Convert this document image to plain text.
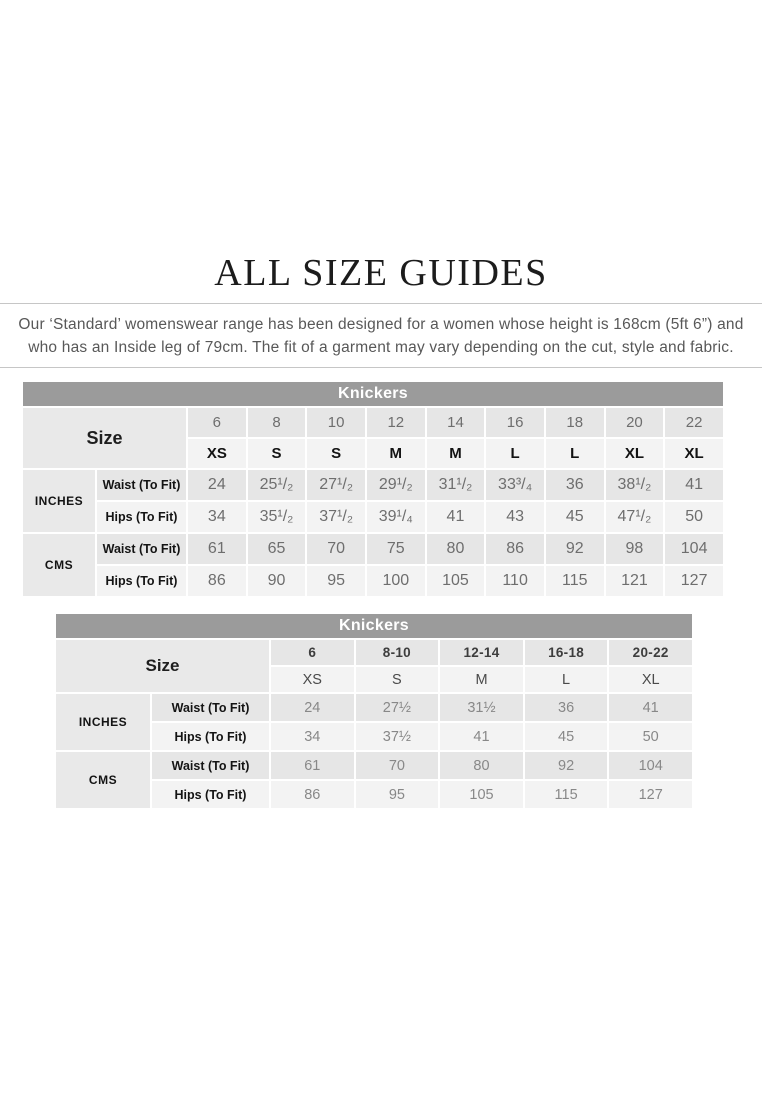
ALL SIZE GUIDES
Our ‘Standard’ womenswear range has been designed for a women whose height is 168cm (5ft 6”) and
who has an Inside leg of 79cm. The fit of a garment may vary depending on the cut, style and fabric.
Knickers										
Size		6	8	10	12	14	16	18	20	22
		XS	S	S	M	M	L	L	XL	XL
INCHES	Waist (To Fit)	24	25¹/₂	27¹/₂	29¹/₂	31¹/₂	33³/₄	36	38¹/₂	41
	Hips (To Fit)	34	35¹/₂	37¹/₂	39¹/₄	41	43	45	47¹/₂	50
CMS	Waist (To Fit)	61	65	70	75	80	86	92	98	104
	Hips (To Fit)	86	90	95	100	105	110	115	121	127
Knickers						
Size		6	8-10	12-14	16-18	20-22
		XS	S	M	L	XL
INCHES	Waist (To Fit)	24	27½	31½	36	41
	Hips (To Fit)	34	37½	41	45	50
CMS	Waist (To Fit)	61	70	80	92	104
	Hips (To Fit)	86	95	105	115	127
